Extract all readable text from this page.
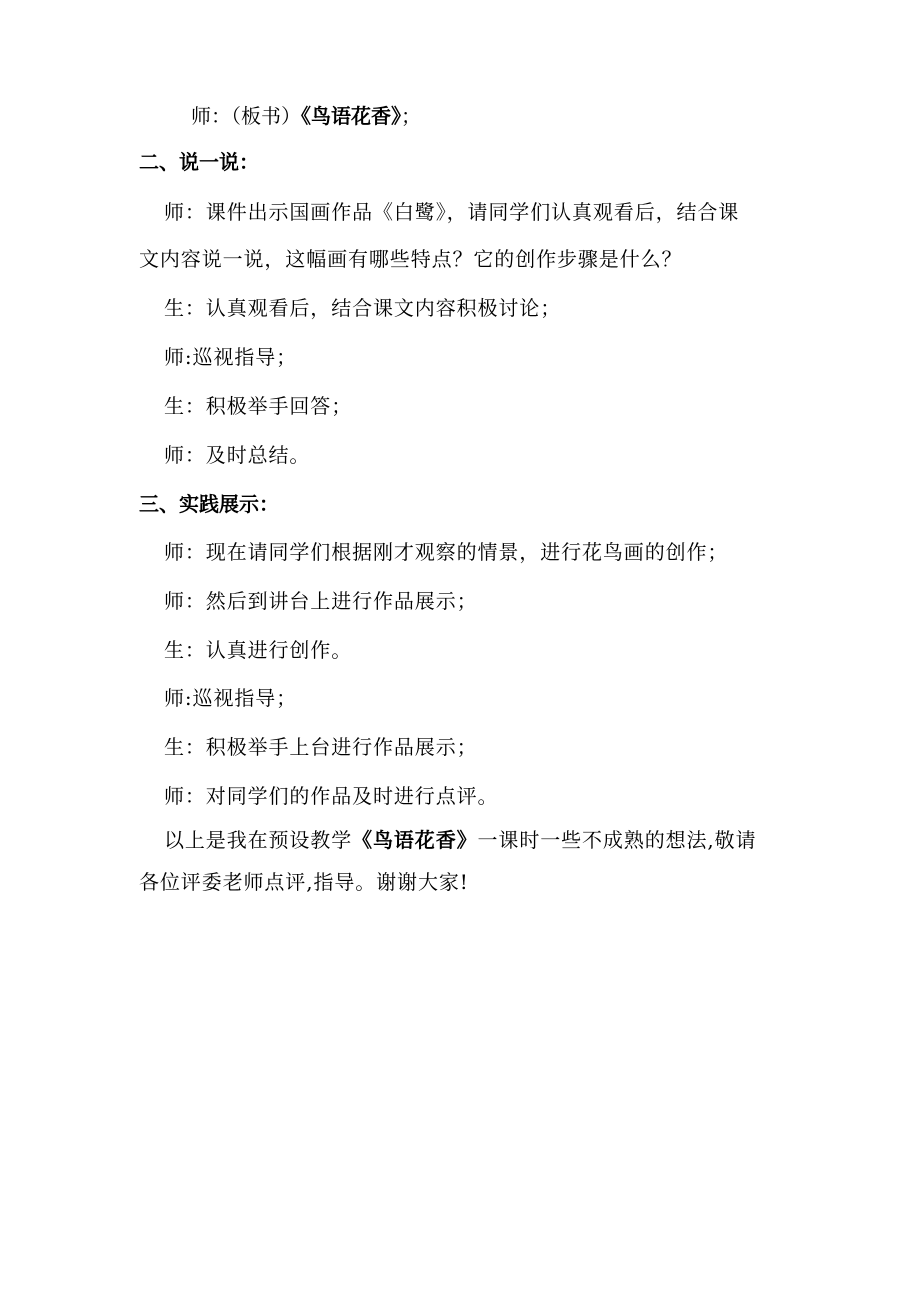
师：（板书）《鸟语花香》；
二、说一说：
师：课件出示国画作品《白鹭》，请同学们认真观看后，结合课
文内容说一说，这幅画有哪些特点？它的创作步骤是什么？
生：认真观看后，结合课文内容积极讨论；
师:巡视指导；
生：积极举手回答；
师：及时总结。
三、实践展示：
师：现在请同学们根据刚才观察的情景，进行花鸟画的创作；
师：然后到讲台上进行作品展示；
生：认真进行创作。
师:巡视指导；
生：积极举手上台进行作品展示；
师：对同学们的作品及时进行点评。
以上是我在预设教学《鸟语花香》一课时一些不成熟的想法,敬请
各位评委老师点评,指导。谢谢大家!
